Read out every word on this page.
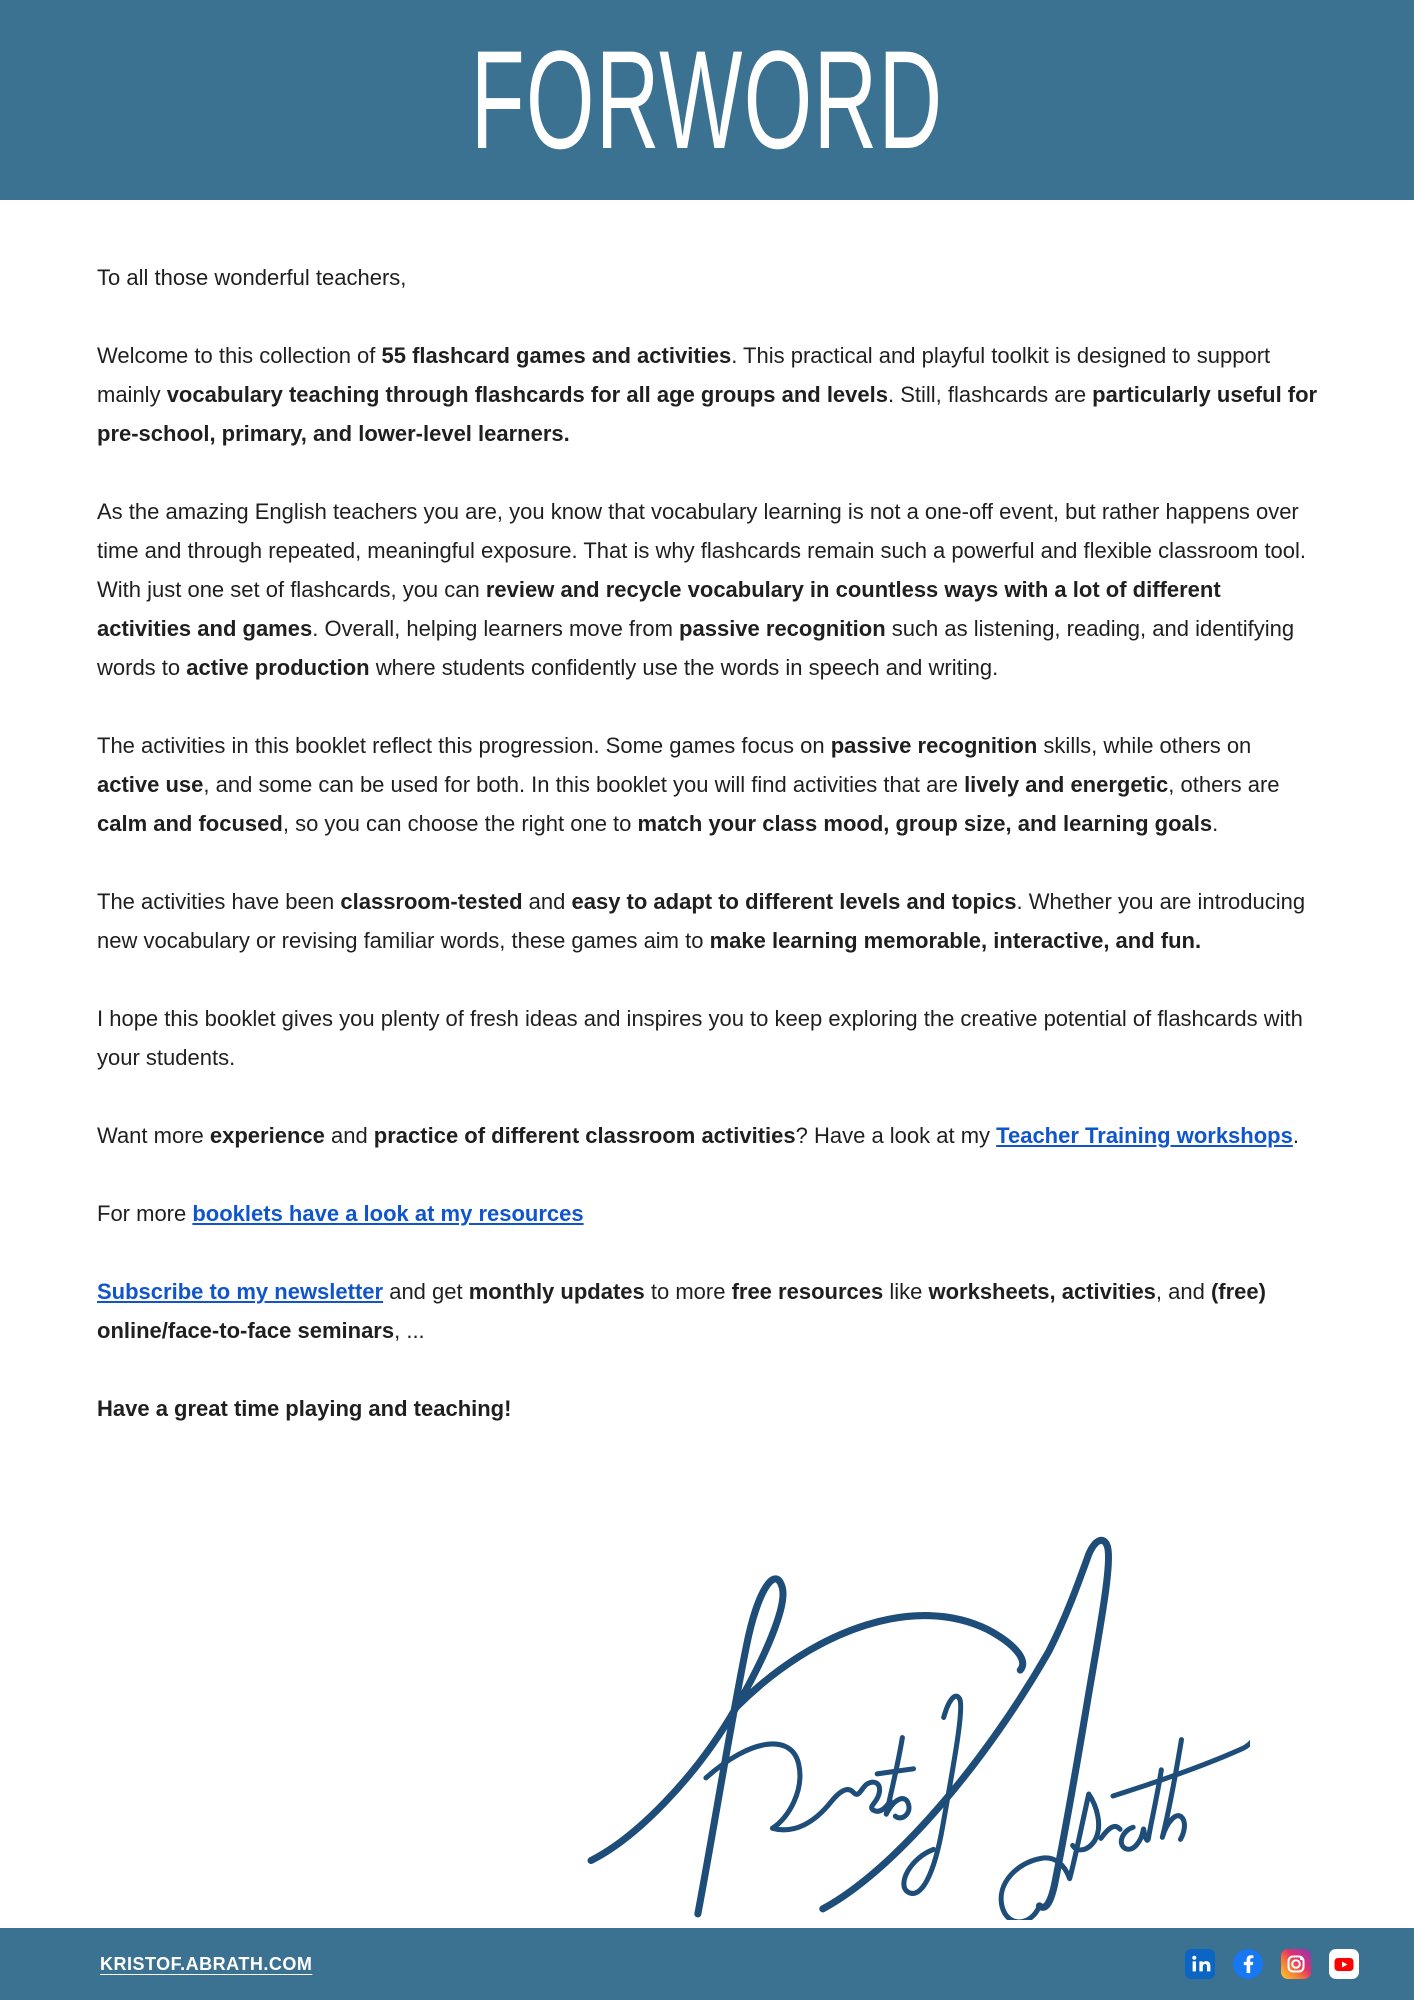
FORWORD

To all those wonderful teachers,

Welcome to this collection of 55 flashcard games and activities. This practical and playful toolkit is designed to support mainly vocabulary teaching through flashcards for all age groups and levels. Still, flashcards are particularly useful for pre-school, primary, and lower-level learners.

As the amazing English teachers you are, you know that vocabulary learning is not a one-off event, but rather happens over time and through repeated, meaningful exposure. That is why flashcards remain such a powerful and flexible classroom tool. With just one set of flashcards, you can review and recycle vocabulary in countless ways with a lot of different activities and games. Overall, helping learners move from passive recognition such as listening, reading, and identifying words to active production where students confidently use the words in speech and writing.

The activities in this booklet reflect this progression. Some games focus on passive recognition skills, while others on active use, and some can be used for both. In this booklet you will find activities that are lively and energetic, others are calm and focused, so you can choose the right one to match your class mood, group size, and learning goals.

The activities have been classroom-tested and easy to adapt to different levels and topics. Whether you are introducing new vocabulary or revising familiar words, these games aim to make learning memorable, interactive, and fun.

I hope this booklet gives you plenty of fresh ideas and inspires you to keep exploring the creative potential of flashcards with your students.

Want more experience and practice of different classroom activities? Have a look at my Teacher Training workshops.

For more booklets have a look at my resources

Subscribe to my newsletter and get monthly updates to more free resources like worksheets, activities, and (free) online/face-to-face seminars, ...

Have a great time playing and teaching!

KRISTOF.ABRATH.COM
